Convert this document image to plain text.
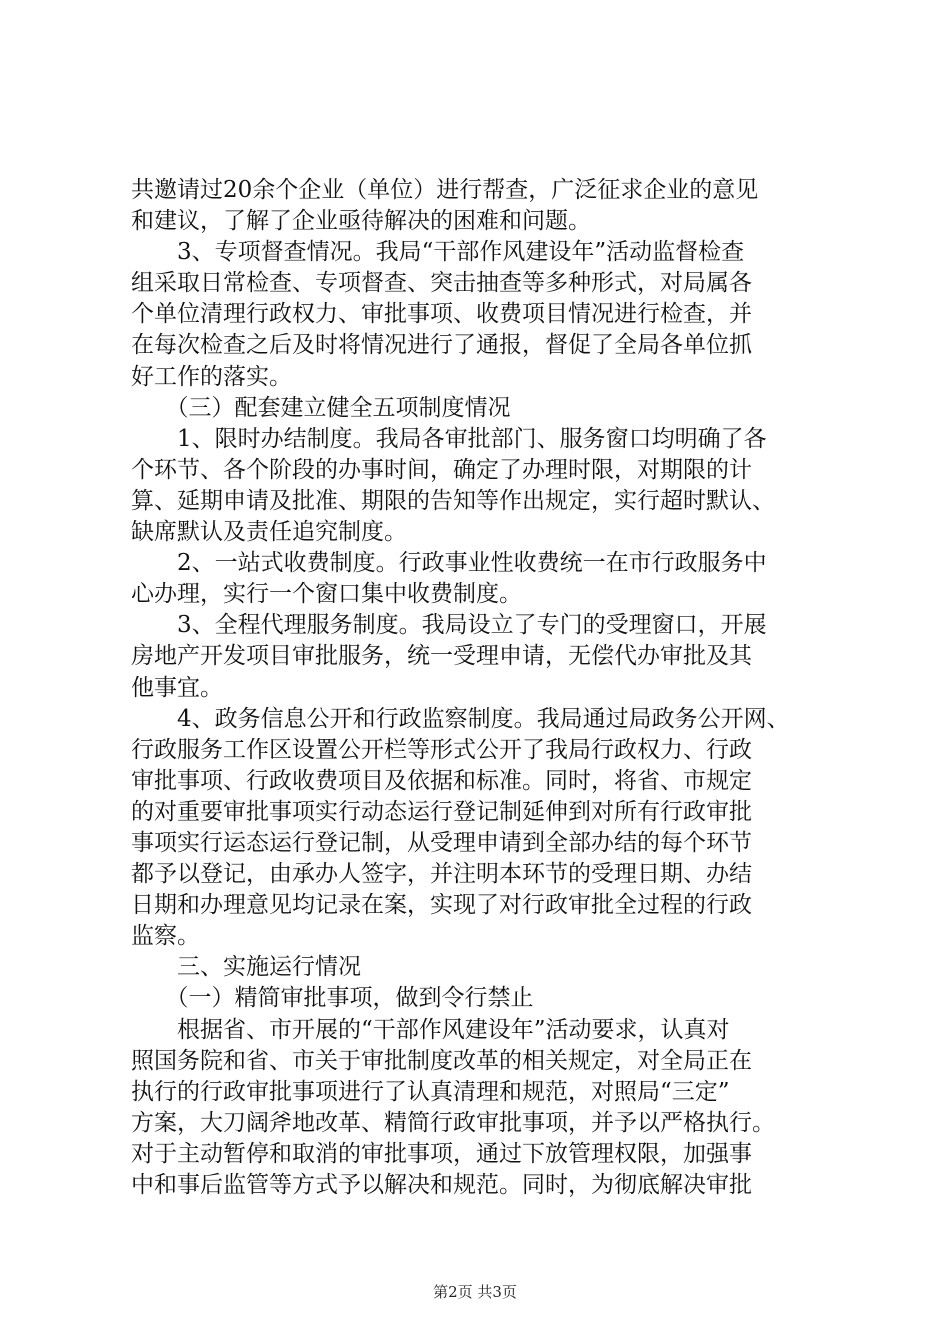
共邀请过20余个企业（单位）进行帮查，广泛征求企业的意见
和建议，了解了企业亟待解决的困难和问题。
　　3、专项督查情况。我局“干部作风建设年”活动监督检查
组采取日常检查、专项督查、突击抽查等多种形式，对局属各
个单位清理行政权力、审批事项、收费项目情况进行检查，并
在每次检查之后及时将情况进行了通报，督促了全局各单位抓
好工作的落实。
　　（三）配套建立健全五项制度情况
　　1、限时办结制度。我局各审批部门、服务窗口均明确了各
个环节、各个阶段的办事时间，确定了办理时限，对期限的计
算、延期申请及批准、期限的告知等作出规定，实行超时默认、
缺席默认及责任追究制度。
　　2、一站式收费制度。行政事业性收费统一在市行政服务中
心办理，实行一个窗口集中收费制度。
　　3、全程代理服务制度。我局设立了专门的受理窗口，开展
房地产开发项目审批服务，统一受理申请，无偿代办审批及其
他事宜。
　　4、政务信息公开和行政监察制度。我局通过局政务公开网、
行政服务工作区设置公开栏等形式公开了我局行政权力、行政
审批事项、行政收费项目及依据和标准。同时，将省、市规定
的对重要审批事项实行动态运行登记制延伸到对所有行政审批
事项实行运态运行登记制，从受理申请到全部办结的每个环节
都予以登记，由承办人签字，并注明本环节的受理日期、办结
日期和办理意见均记录在案，实现了对行政审批全过程的行政
监察。
　　三、实施运行情况
　　（一）精简审批事项，做到令行禁止
　　根据省、市开展的“干部作风建设年”活动要求，认真对
照国务院和省、市关于审批制度改革的相关规定，对全局正在
执行的行政审批事项进行了认真清理和规范，对照局“三定”
方案，大刀阔斧地改革、精简行政审批事项，并予以严格执行。
对于主动暂停和取消的审批事项，通过下放管理权限，加强事
中和事后监管等方式予以解决和规范。同时，为彻底解决审批
第2页 共3页
